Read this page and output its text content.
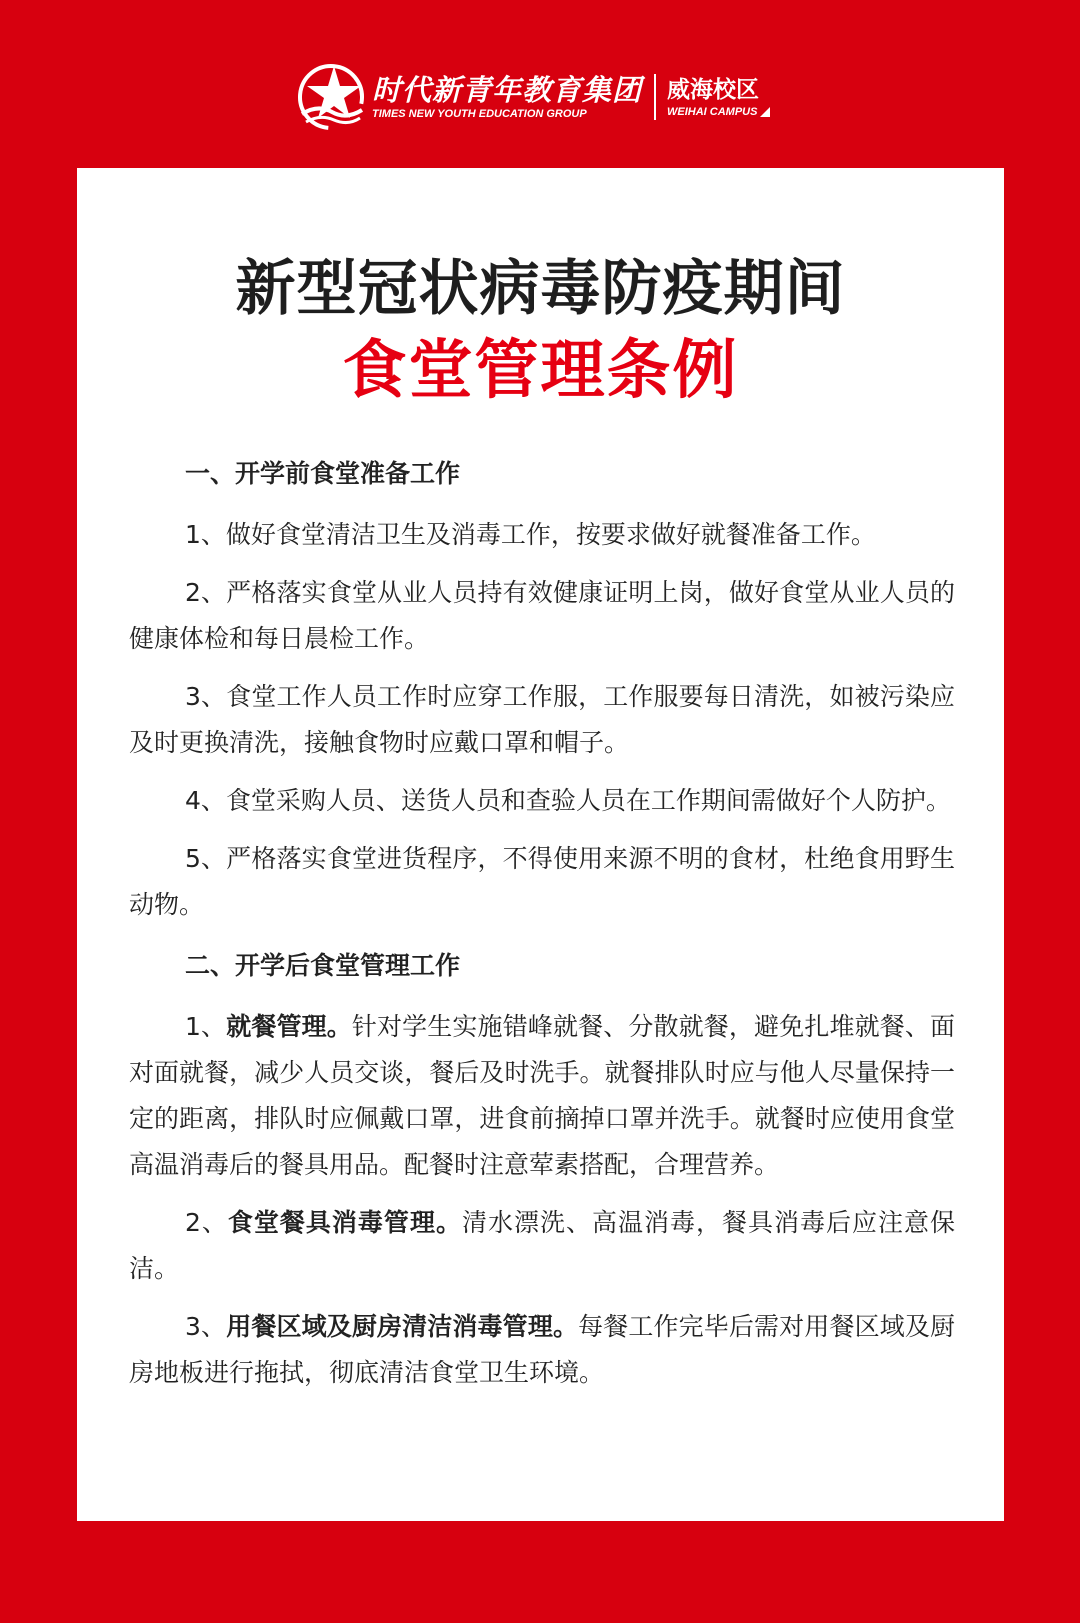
时代新青年教育集团
TIMES NEW YOUTH EDUCATION GROUP
威海校区
WEIHAI CAMPUS
新型冠状病毒防疫期间
食堂管理条例
一、开学前食堂准备工作

1、做好食堂清洁卫生及消毒工作，按要求做好就餐准备工作。

2、严格落实食堂从业人员持有效健康证明上岗，做好食堂从业人员的健康体检和每日晨检工作。

3、食堂工作人员工作时应穿工作服，工作服要每日清洗，如被污染应及时更换清洗，接触食物时应戴口罩和帽子。

4、食堂采购人员、送货人员和查验人员在工作期间需做好个人防护。

5、严格落实食堂进货程序，不得使用来源不明的食材，杜绝食用野生动物。

二、开学后食堂管理工作

1、就餐管理。针对学生实施错峰就餐、分散就餐，避免扎堆就餐、面对面就餐，减少人员交谈，餐后及时洗手。就餐排队时应与他人尽量保持一定的距离，排队时应佩戴口罩，进食前摘掉口罩并洗手。就餐时应使用食堂高温消毒后的餐具用品。配餐时注意荤素搭配，合理营养。

2、食堂餐具消毒管理。清水漂洗、高温消毒，餐具消毒后应注意保洁。

3、用餐区域及厨房清洁消毒管理。每餐工作完毕后需对用餐区域及厨房地板进行拖拭，彻底清洁食堂卫生环境。
